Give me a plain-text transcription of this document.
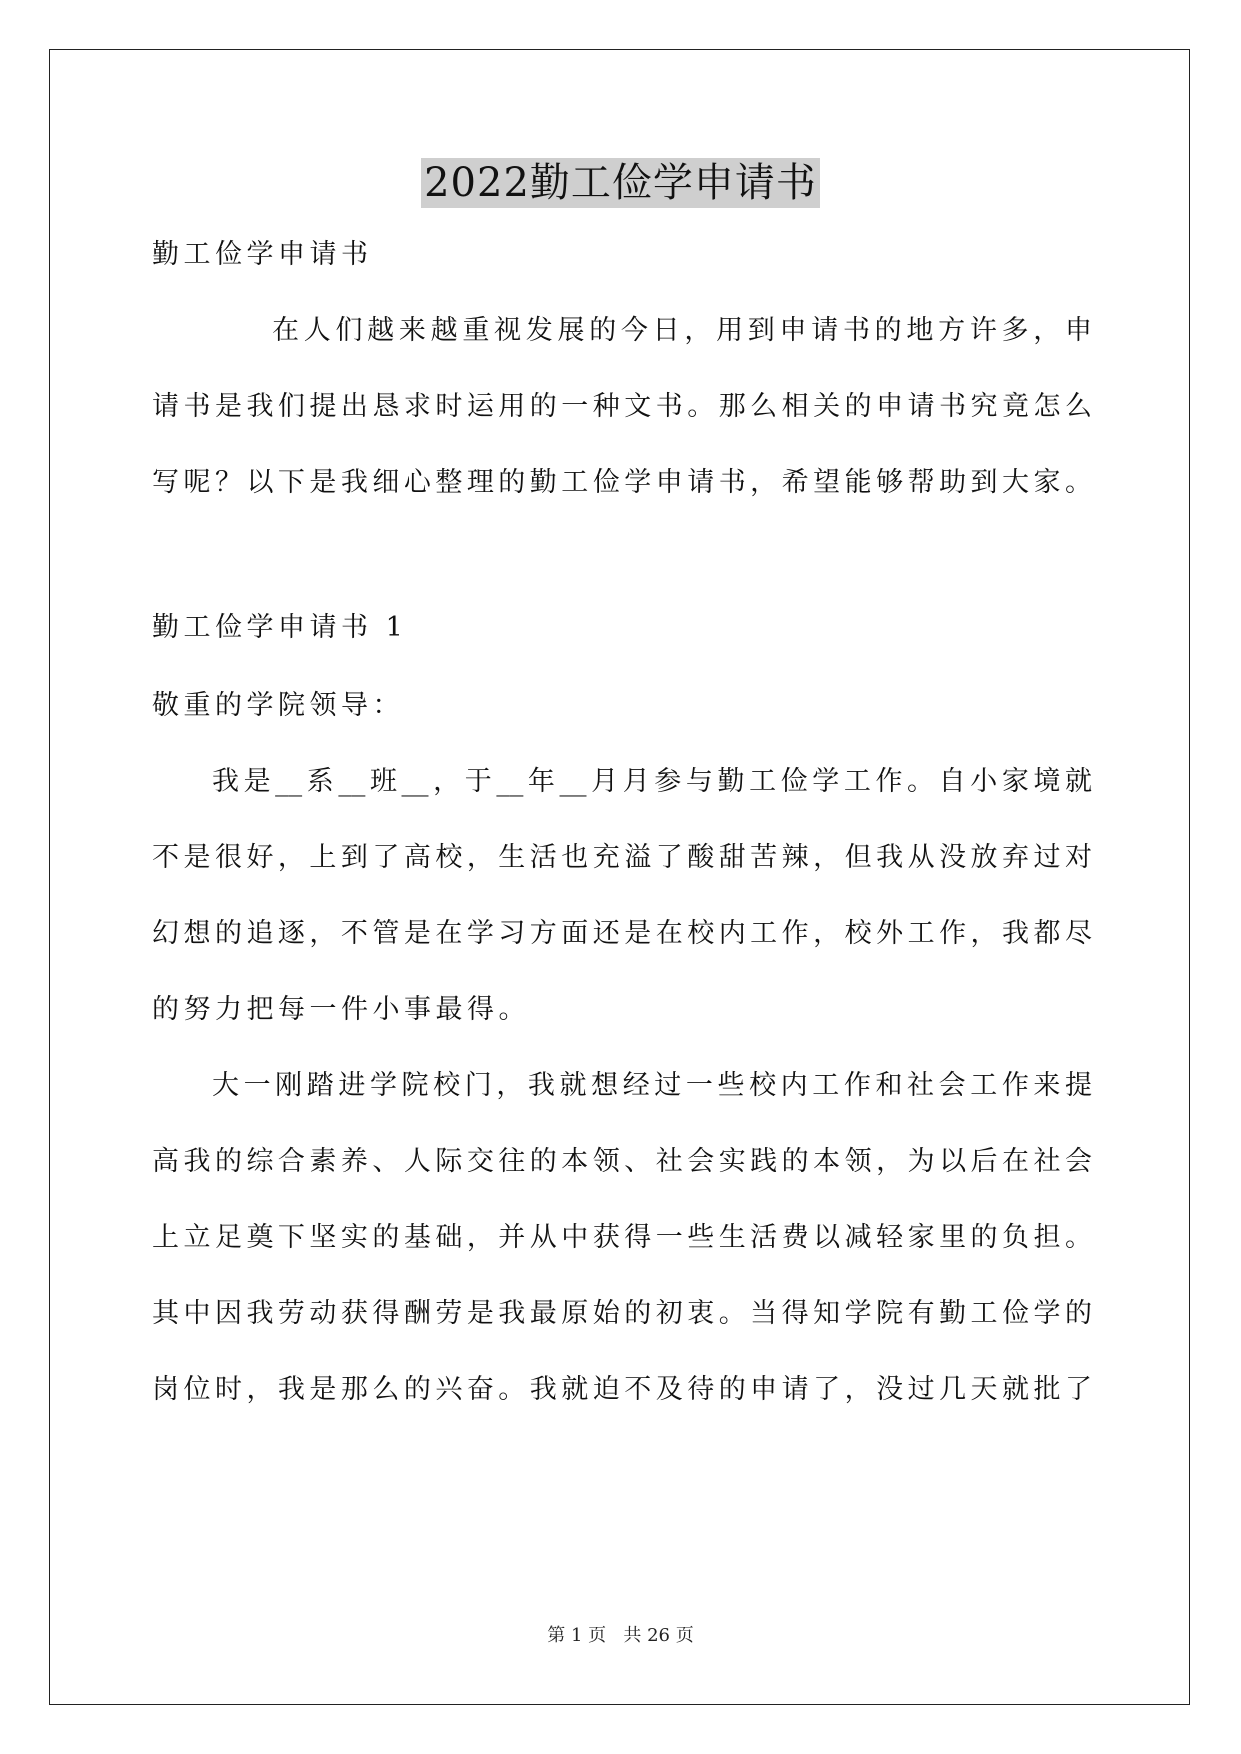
2022勤工俭学申请书
勤工俭学申请书
在人们越来越重视发展的今日，用到申请书的地方许多，申
请书是我们提出恳求时运用的一种文书。那么相关的申请书究竟怎么
写呢？以下是我细心整理的勤工俭学申请书，希望能够帮助到大家。
勤工俭学申请书 1
敬重的学院领导：
我是__系__班__，于__年__月月参与勤工俭学工作。自小家境就
不是很好，上到了高校，生活也充溢了酸甜苦辣，但我从没放弃过对
幻想的追逐，不管是在学习方面还是在校内工作，校外工作，我都尽
的努力把每一件小事最得。
大一刚踏进学院校门，我就想经过一些校内工作和社会工作来提
高我的综合素养、人际交往的本领、社会实践的本领，为以后在社会
上立足奠下坚实的基础，并从中获得一些生活费以减轻家里的负担。
其中因我劳动获得酬劳是我最原始的初衷。当得知学院有勤工俭学的
岗位时，我是那么的兴奋。我就迫不及待的申请了，没过几天就批了
第 1 页   共 26 页
